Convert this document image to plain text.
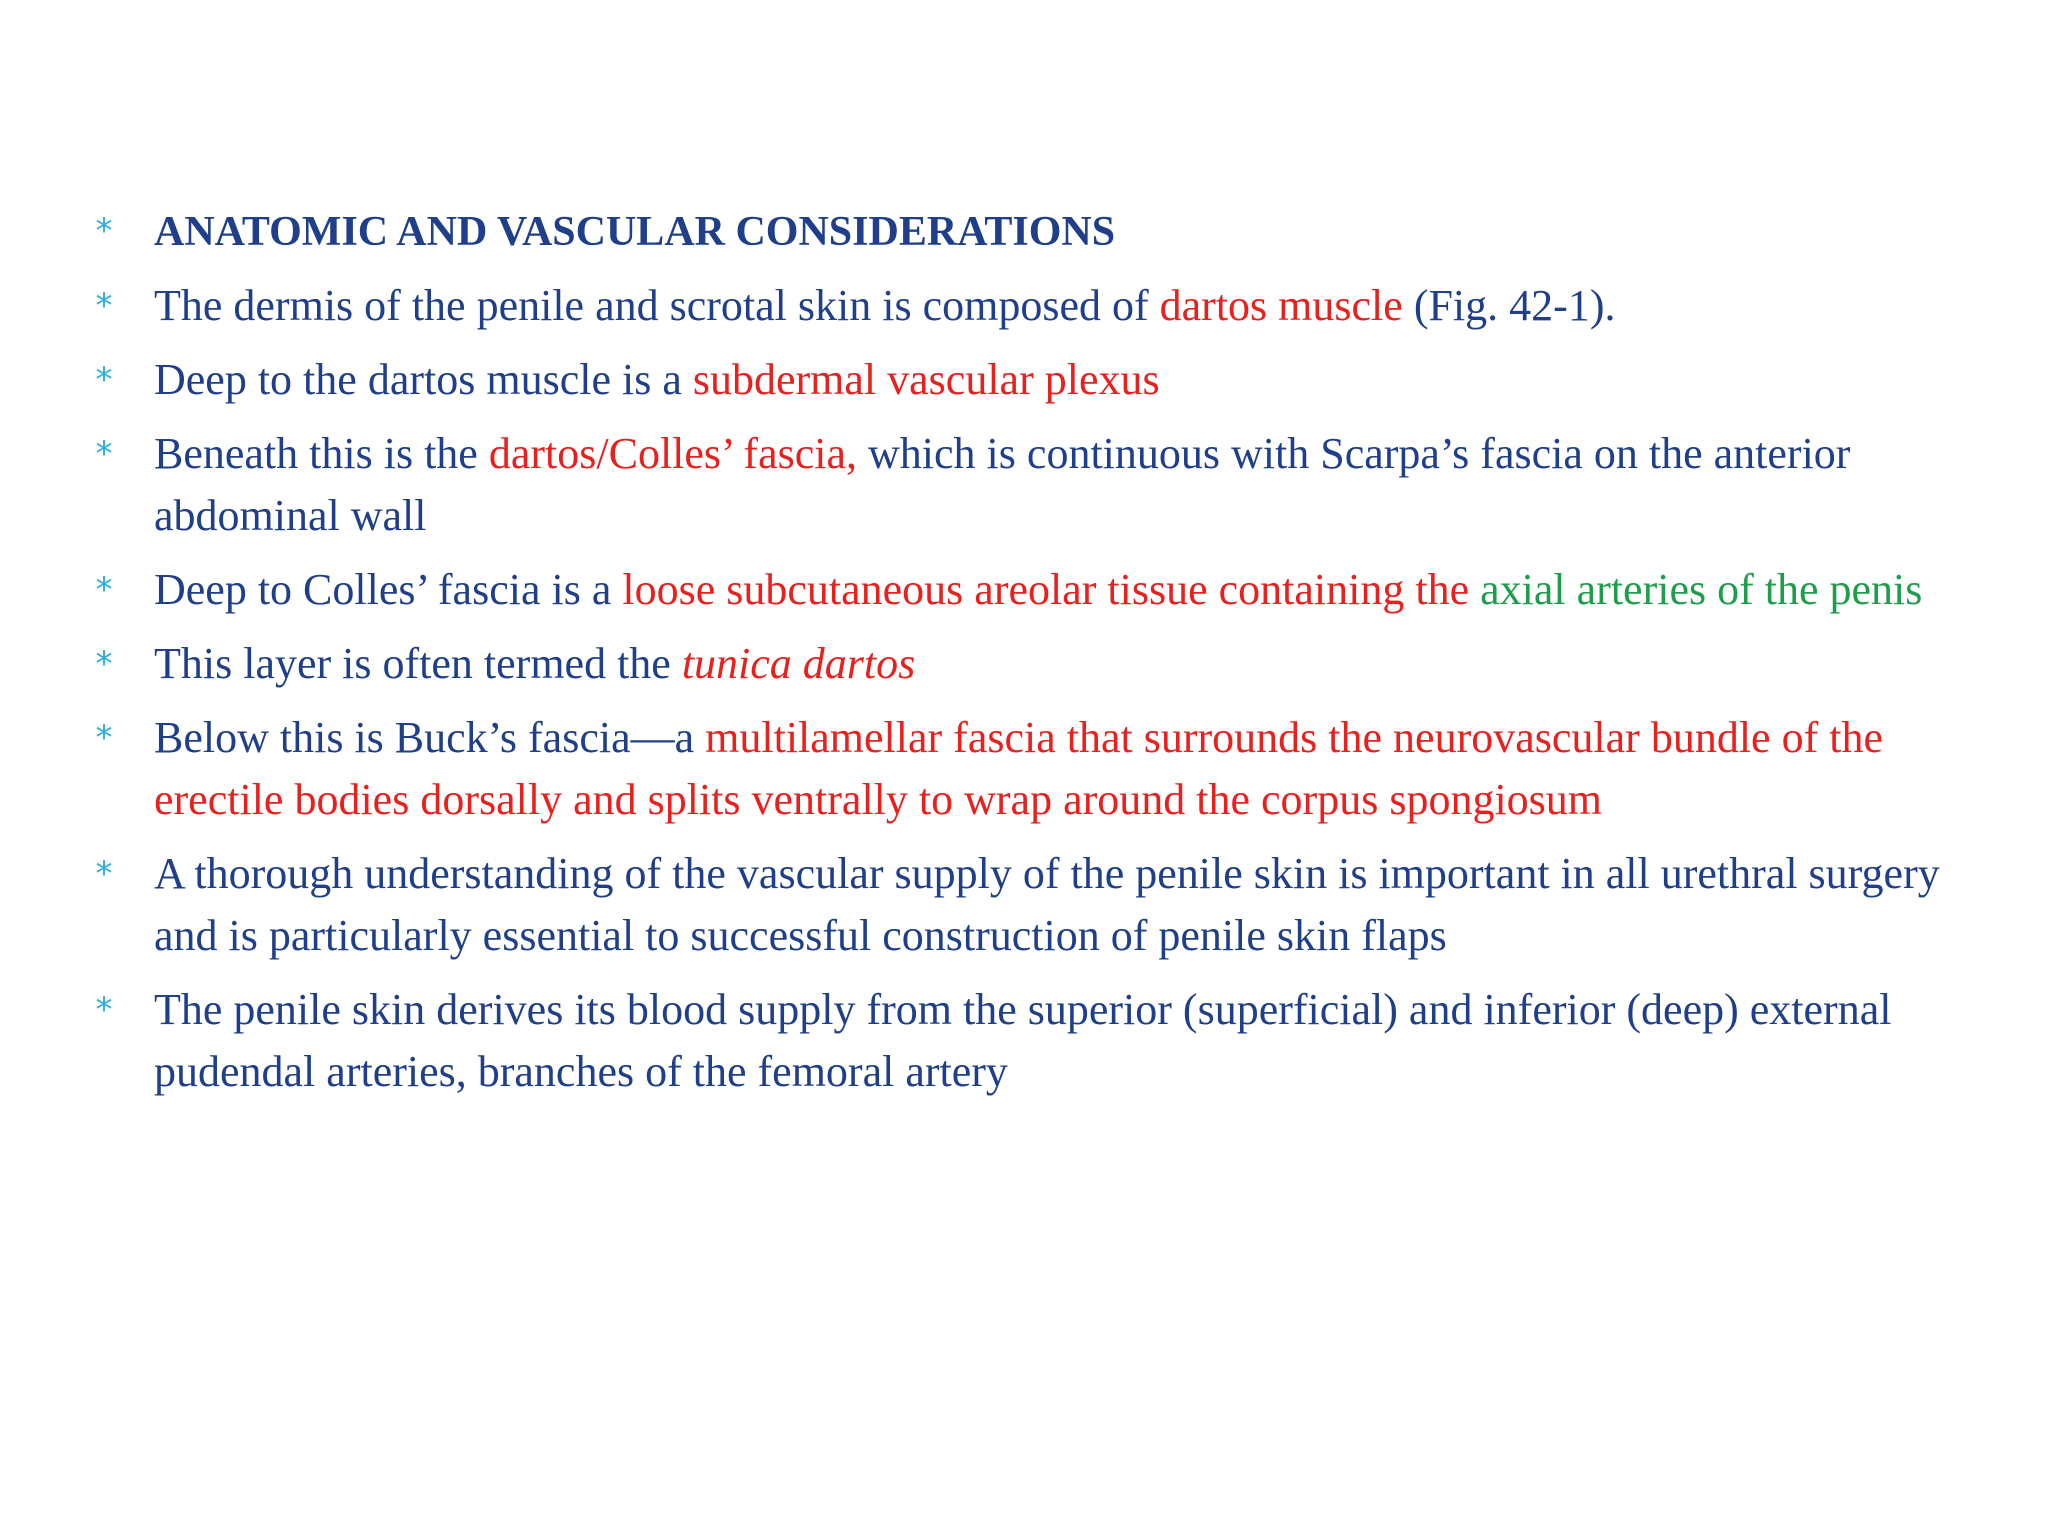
* ANATOMIC AND VASCULAR CONSIDERATIONS
* The dermis of the penile and scrotal skin is composed of dartos muscle (Fig. 42-1).
* Deep to the dartos muscle is a subdermal vascular plexus
* Beneath this is the dartos/Colles’ fascia, which is continuous with Scarpa’s fascia on the anterior abdominal wall
* Deep to Colles’ fascia is a loose subcutaneous areolar tissue containing the axial arteries of the penis
* This layer is often termed the tunica dartos
* Below this is Buck’s fascia—a multilamellar fascia that surrounds the neurovascular bundle of the erectile bodies dorsally and splits ventrally to wrap around the corpus spongiosum
* A thorough understanding of the vascular supply of the penile skin is important in all urethral surgery and is particularly essential to successful construction of penile skin flaps
* The penile skin derives its blood supply from the superior (superficial) and inferior (deep) external pudendal arteries, branches of the femoral artery
